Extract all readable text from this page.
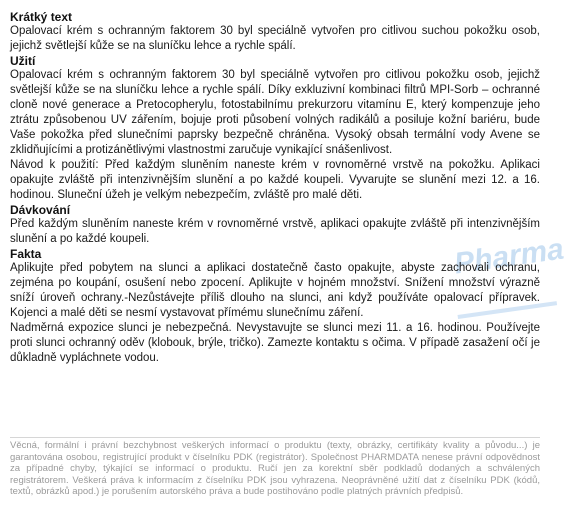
Pharma
Krátký text

Opalovací krém s ochranným faktorem 30 byl speciálně vytvořen pro citlivou suchou pokožku osob, jejichž světlejší kůže se na sluníčku lehce a rychle spálí.

Užití

Opalovací krém s ochranným faktorem 30 byl speciálně vytvořen pro citlivou pokožku osob, jejichž světlejší kůže se na sluníčku lehce a rychle spálí. Díky exkluzivní kombinaci filtrů MPI-Sorb – ochranné cloně nové generace a Pretocopherylu, fotostabilnímu prekurzoru vitamínu E, který kompenzuje jeho ztrátu způsobenou UV zářením, bojuje proti působení volných radikálů a posiluje kožní bariéru, bude Vaše pokožka před slunečními paprsky bezpečně chráněna. Vysoký obsah termální vody Avene se zklidňujícími a protizánětlivými vlastnostmi zaručuje vynikající snášenlivost.

Návod k použití: Před každým sluněním naneste krém v rovnoměrné vrstvě na pokožku. Aplikaci opakujte zvláště při intenzivnějším slunění a po každé koupeli. Vyvarujte se slunění mezi 12. a 16. hodinou. Sluneční úžeh je velkým nebezpečím, zvláště pro malé děti.

Dávkování

Před každým sluněním naneste krém v rovnoměrné vrstvě, aplikaci opakujte zvláště při intenzivnějším slunění a po každé koupeli.

Fakta

Aplikujte před pobytem na slunci a aplikaci dostatečně často opakujte, abyste zachovali ochranu, zejména po koupání, osušení nebo zpocení. Aplikujte v hojném množství. Snížení množství výrazně sníží úroveň ochrany.-Nezůstávejte příliš dlouho na slunci, ani když používáte opalovací přípravek. Kojenci a malé děti se nesmí vystavovat přímému slunečnímu záření.

Nadměrná expozice slunci je nebezpečná. Nevystavujte se slunci mezi 11. a 16. hodinou. Používejte proti slunci ochranný oděv (klobouk, brýle, tričko). Zamezte kontaktu s očima. V případě zasažení očí je důkladně vypláchnete vodou.

Věcná, formální i právní bezchybnost veškerých informací o produktu (texty, obrázky, certifikáty kvality a původu...) je garantována osobou, registrující produkt v číselníku PDK (registrátor). Společnost PHARMDATA nenese právní odpovědnost za případné chyby, týkající se informací o produktu. Ručí jen za korektní sběr podkladů dodaných a schválených registrátorem. Veškerá práva k informacím z číselníku PDK jsou vyhrazena. Neoprávněné užití dat z číselníku PDK (kódů, textů, obrázků apod.) je porušením autorského práva a bude postihováno podle platných právních předpisů.
